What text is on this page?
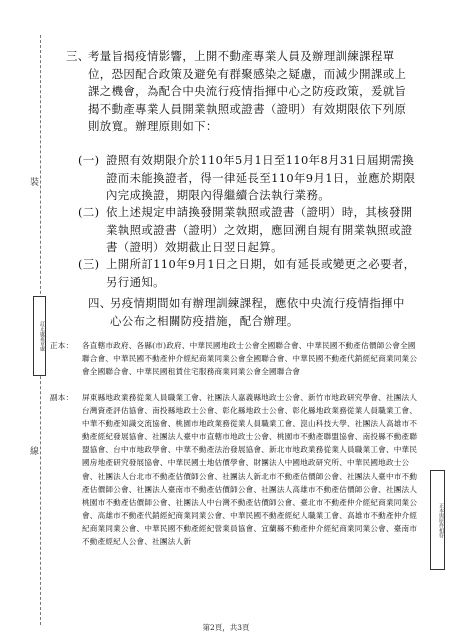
裝
線
訂正處蓋章處
正本與原件相符
三、
考量旨揭疫情影響，上開不動產專業人員及辦理訓練課程單位，恐因配合政策及避免有群聚感染之疑慮，而減少開課或上課之機會，為配合中央流行疫情指揮中心之防疫政策，爰就旨揭不動產專業人員開業執照或證書（證明）有效期限依下列原則放寬。辦理原則如下：
(一) 證照有效期限介於110年5月1日至110年8月31日屆期需換證而未能換證者，得一律延長至110年9月1日，並應於期限內完成換證，期限內得繼續合法執行業務。
(二) 依上述規定申請換發開業執照或證書（證明）時，其核發開業執照或證書（證明）之效期，應回溯自規有開業執照或證書（證明）效期截止日翌日起算。
(三) 上開所訂110年9月1日之日期，如有延長或變更之必要者，另行通知。
四、
另疫情期間如有辦理訓練課程，應依中央流行疫情指揮中心公布之相關防疫措施，配合辦理。
正本： 各直轄市政府、各縣(市)政府、中華民國地政士公會全國聯合會、中華民國不動產估價師公會全國聯合會、中華民國不動產仲介經紀商業同業公會全國聯合會、中華民國不動產代銷經紀商業同業公會全國聯合會、中華民國租賃住宅服務商業同業公會全國聯合會
副本： 屏東縣地政業務從業人員職業工會、社團法人嘉義縣地政士公會、新竹市地政研究學會、社團法人台灣資產評估協會、南投縣地政士公會、彰化縣地政士公會、彰化縣地政業務從業人員職業工會、中華不動產知識交流協會、桃園市地政業務從業人員職業工會、崑山科技大學、社團法人高雄市不動產經紀發展協會、社團法人臺中市直轄市地政士公會、桃園市不動產聯盟協會、南投縣不動產聯盟協會、台中市地政學會、中華不動產法治發展協會、新北市地政業務從業人員職業工會、中華民國房地產研究發展協會、中華民國土地估價學會、財團法人中國地政研究所、中華民國地政士公會、社團法人台北市不動產估價師公會、社團法人新北市不動產估價師公會、社團法人臺中市不動產估價師公會、社團法人臺南市不動產估價師公會、社團法人高雄市不動產估價師公會、社團法人桃園市不動產估價師公會、社團法人中台灣不動產估價師公會、臺北市不動產仲介經紀商業同業公會、高雄市不動產代銷經紀商業同業公會、中華民國不動產經紀人職業工會、高雄市不動產仲介經紀商業同業公會、中華民國不動產經紀營業員協會、宜蘭縣不動產仲介經紀商業同業公會、臺南市不動產經紀人公會、社團法人新
第2頁，共3頁
